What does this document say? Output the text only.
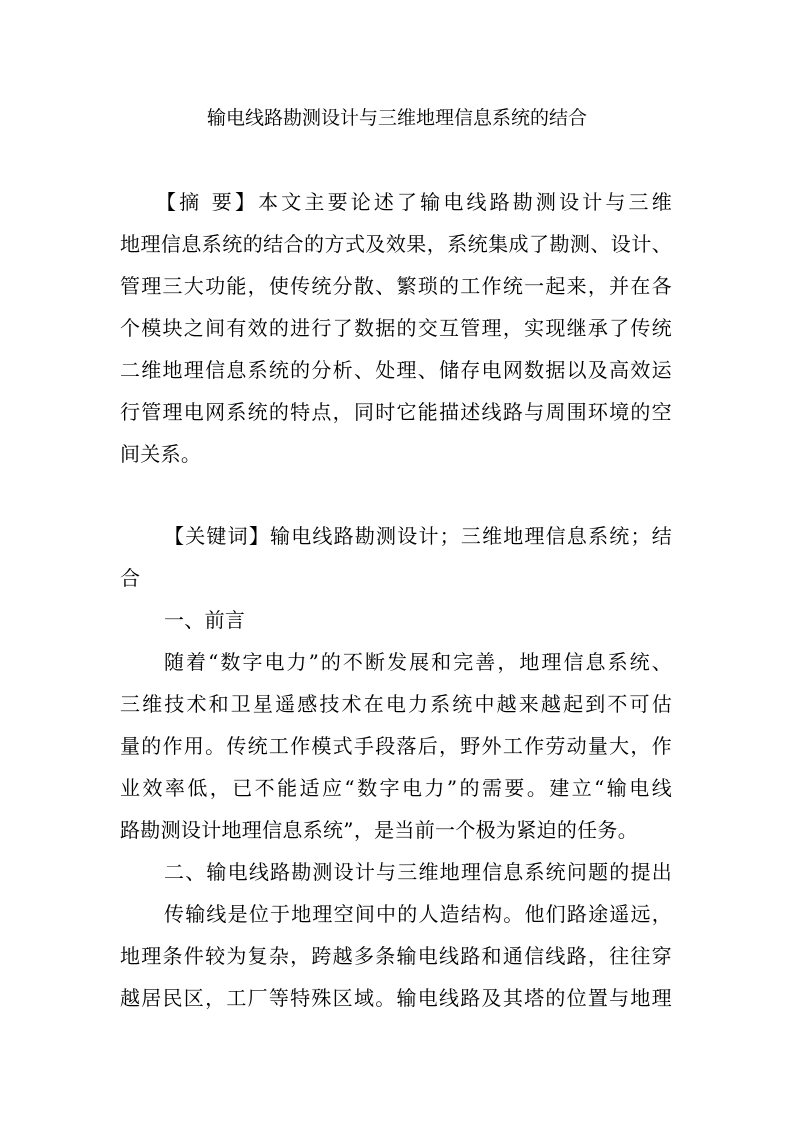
输电线路勘测设计与三维地理信息系统的结合
【摘 要】本文主要论述了输电线路勘测设计与三维
地理信息系统的结合的方式及效果，系统集成了勘测、设计、
管理三大功能，使传统分散、繁琐的工作统一起来，并在各
个模块之间有效的进行了数据的交互管理，实现继承了传统
二维地理信息系统的分析、处理、储存电网数据以及高效运
行管理电网系统的特点，同时它能描述线路与周围环境的空
间关系。
【关键词】输电线路勘测设计；三维地理信息系统；结
合
一、前言
随着“数字电力”的不断发展和完善，地理信息系统、
三维技术和卫星遥感技术在电力系统中越来越起到不可估
量的作用。传统工作模式手段落后，野外工作劳动量大，作
业效率低，已不能适应“数字电力”的需要。建立“输电线
路勘测设计地理信息系统”，是当前一个极为紧迫的任务。
二、输电线路勘测设计与三维地理信息系统问题的提出
传输线是位于地理空间中的人造结构。他们路途遥远，
地理条件较为复杂，跨越多条输电线路和通信线路，往往穿
越居民区，工厂等特殊区域。输电线路及其塔的位置与地理
